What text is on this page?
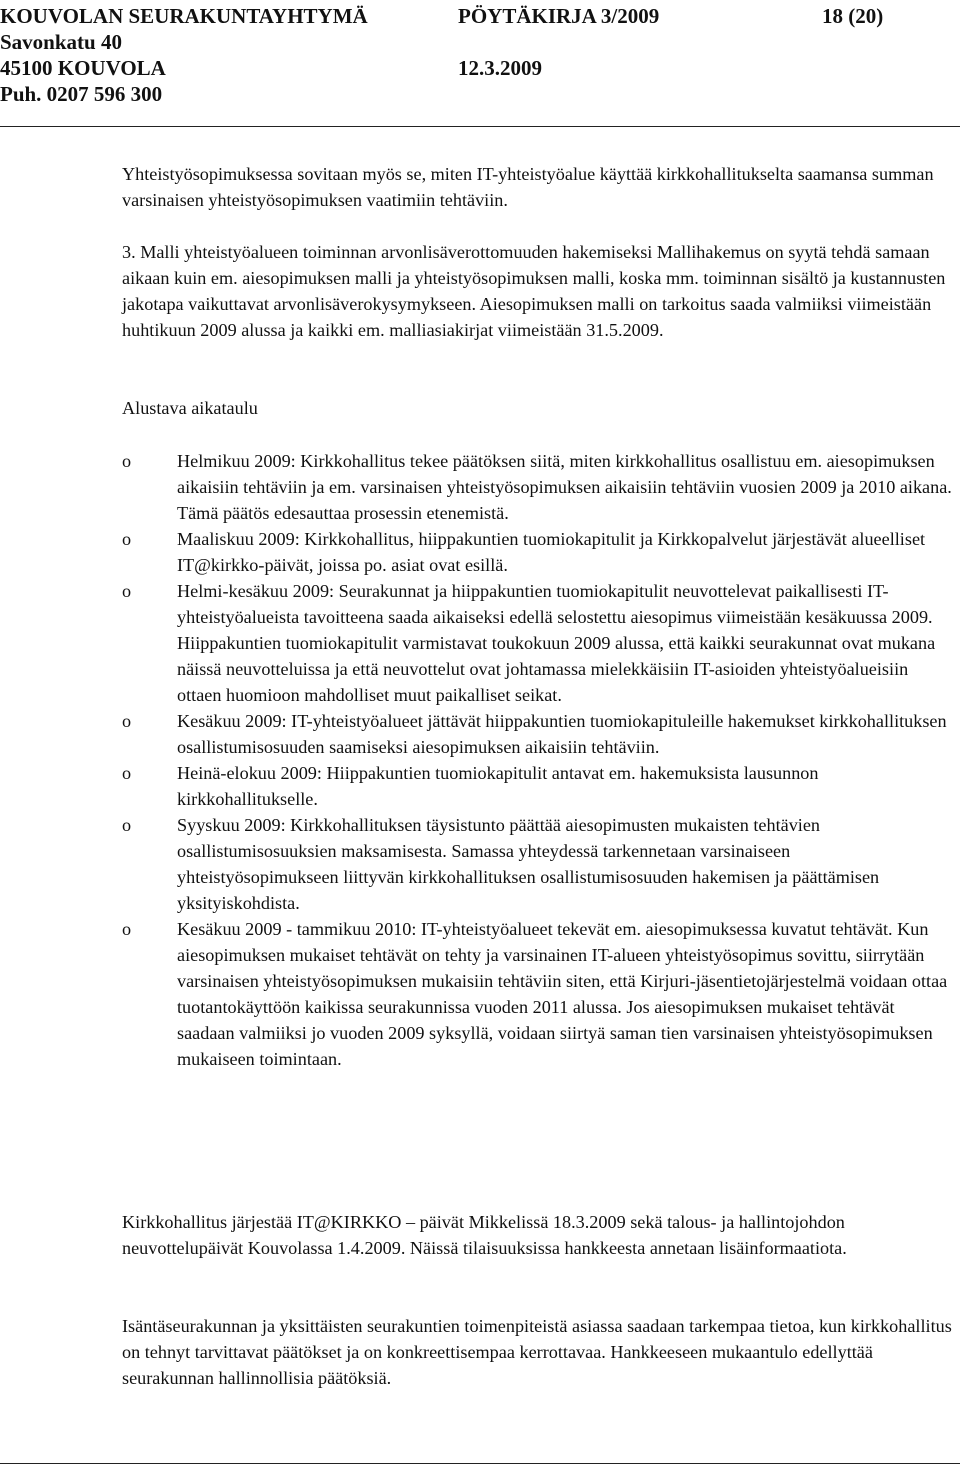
KOUVOLAN SEURAKUNTAYHTYMÄ	PÖYTÄKIRJA 3/2009	18 (20)
Savonkatu 40
45100 KOUVOLA	12.3.2009
Puh. 0207 596 300

Yhteistyösopimuksessa sovitaan myös se, miten IT-yhteistyöalue käyttää kirkkohallitukselta saamansa summan varsinaisen yhteistyösopimuksen vaatimiin tehtäviin.

3. Malli yhteistyöalueen toiminnan arvonlisäverottomuuden hakemiseksi Mallihakemus on syytä tehdä samaan aikaan kuin em. aiesopimuksen malli ja yhteistyösopimuksen malli, koska mm. toiminnan sisältö ja kustannusten jakotapa vaikuttavat arvonlisäverokysymykseen. Aiesopimuksen malli on tarkoitus saada valmiiksi viimeistään huhtikuun 2009 alussa ja kaikki em. malliasiakirjat viimeistään 31.5.2009.

Alustava aikataulu

o	Helmikuu 2009: Kirkkohallitus tekee päätöksen siitä, miten kirkkohallitus osallistuu em. aiesopimuksen aikaisiin tehtäviin ja em. varsinaisen yhteistyösopimuksen aikaisiin tehtäviin vuosien 2009 ja 2010 aikana. Tämä päätös edesauttaa prosessin etenemistä.
o	Maaliskuu 2009: Kirkkohallitus, hiippakuntien tuomiokapitulit ja Kirkkopalvelut järjestävät alueelliset IT@kirkko-päivät, joissa po. asiat ovat esillä.
o	Helmi-kesäkuu 2009: Seurakunnat ja hiippakuntien tuomiokapitulit neuvottelevat paikallisesti IT-yhteistyöalueista tavoitteena saada aikaiseksi edellä selostettu aiesopimus viimeistään kesäkuussa 2009. Hiippakuntien tuomiokapitulit varmistavat toukokuun 2009 alussa, että kaikki seurakunnat ovat mukana näissä neuvotteluissa ja että neuvottelut ovat johtamassa mielekkäisiin IT-asioiden yhteistyöalueisiin ottaen huomioon mahdolliset muut paikalliset seikat.
o	Kesäkuu 2009: IT-yhteistyöalueet jättävät hiippakuntien tuomiokapituleille hakemukset kirkkohallituksen osallistumisosuuden saamiseksi aiesopimuksen aikaisiin tehtäviin.
o	Heinä-elokuu 2009: Hiippakuntien tuomiokapitulit antavat em. hakemuksista lausunnon kirkkohallitukselle.
o	Syyskuu 2009: Kirkkohallituksen täysistunto päättää aiesopimusten mukaisten tehtävien osallistumisosuuksien maksamisesta. Samassa yhteydessä tarkennetaan varsinaiseen yhteistyösopimukseen liittyvän kirkkohallituksen osallistumisosuuden hakemisen ja päättämisen yksityiskohdista.
o	Kesäkuu 2009 - tammikuu 2010: IT-yhteistyöalueet tekevät em. aiesopimuksessa kuvatut tehtävät. Kun aiesopimuksen mukaiset tehtävät on tehty ja varsinainen IT-alueen yhteistyösopimus sovittu, siirrytään varsinaisen yhteistyösopimuksen mukaisiin tehtäviin siten, että Kirjuri-jäsentietojärjestelmä voidaan ottaa tuotantokäyttöön kaikissa seurakunnissa vuoden 2011 alussa. Jos aiesopimuksen mukaiset tehtävät saadaan valmiiksi jo vuoden 2009 syksyllä, voidaan siirtyä saman tien varsinaisen yhteistyösopimuksen mukaiseen toimintaan.

Kirkkohallitus järjestää IT@KIRKKO – päivät Mikkelissä 18.3.2009 sekä talous- ja hallintojohdon neuvottelupäivät Kouvolassa 1.4.2009. Näissä tilaisuuksissa hankkeesta annetaan lisäinformaatiota.

Isäntäseurakunnan ja yksittäisten seurakuntien toimenpiteistä asiassa saadaan tarkempaa tietoa, kun kirkkohallitus on tehnyt tarvittavat päätökset ja on konkreettisempaa kerrottavaa. Hankkeeseen mukaantulo edellyttää seurakunnan hallinnollisia päätöksiä.
